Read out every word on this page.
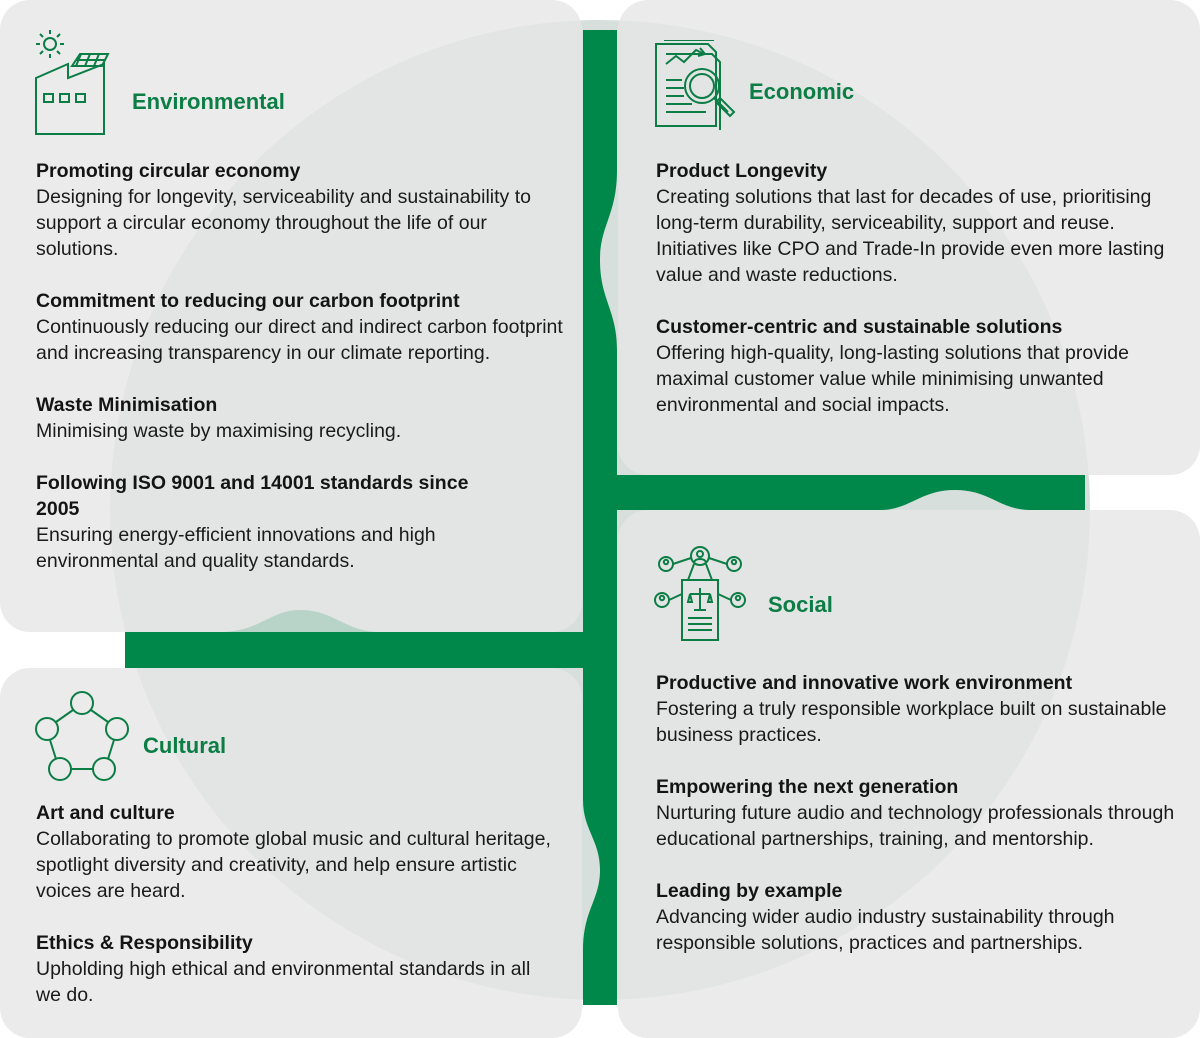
Environmental

Promoting circular economy

Designing for longevity, serviceability and sustainability to support a circular economy throughout the life of our solutions.

Commitment to reducing our carbon footprint

Continuously reducing our direct and indirect carbon footprint and increasing transparency in our climate reporting.

Waste Minimisation

Minimising waste by maximising recycling.

Following ISO 9001 and 14001 standards since 2005

Ensuring energy-efficient innovations and high environmental and quality standards.

Economic

Product Longevity

Creating solutions that last for decades of use, prioritising long-term durability, serviceability, support and reuse. Initiatives like CPO and Trade-In provide even more lasting value and waste reductions.

Customer-centric and sustainable solutions

Offering high-quality, long-lasting solutions that provide maximal customer value while minimising unwanted environmental and social impacts.

Social

Productive and innovative work environment

Fostering a truly responsible workplace built on sustainable business practices.

Empowering the next generation

Nurturing future audio and technology professionals through educational partnerships, training, and mentorship.

Leading by example

Advancing wider audio industry sustainability through responsible solutions, practices and partnerships.

Cultural

Art and culture

Collaborating to promote global music and cultural heritage, spotlight diversity and creativity, and help ensure artistic voices are heard.

Ethics & Responsibility

Upholding high ethical and environmental standards in all we do.
